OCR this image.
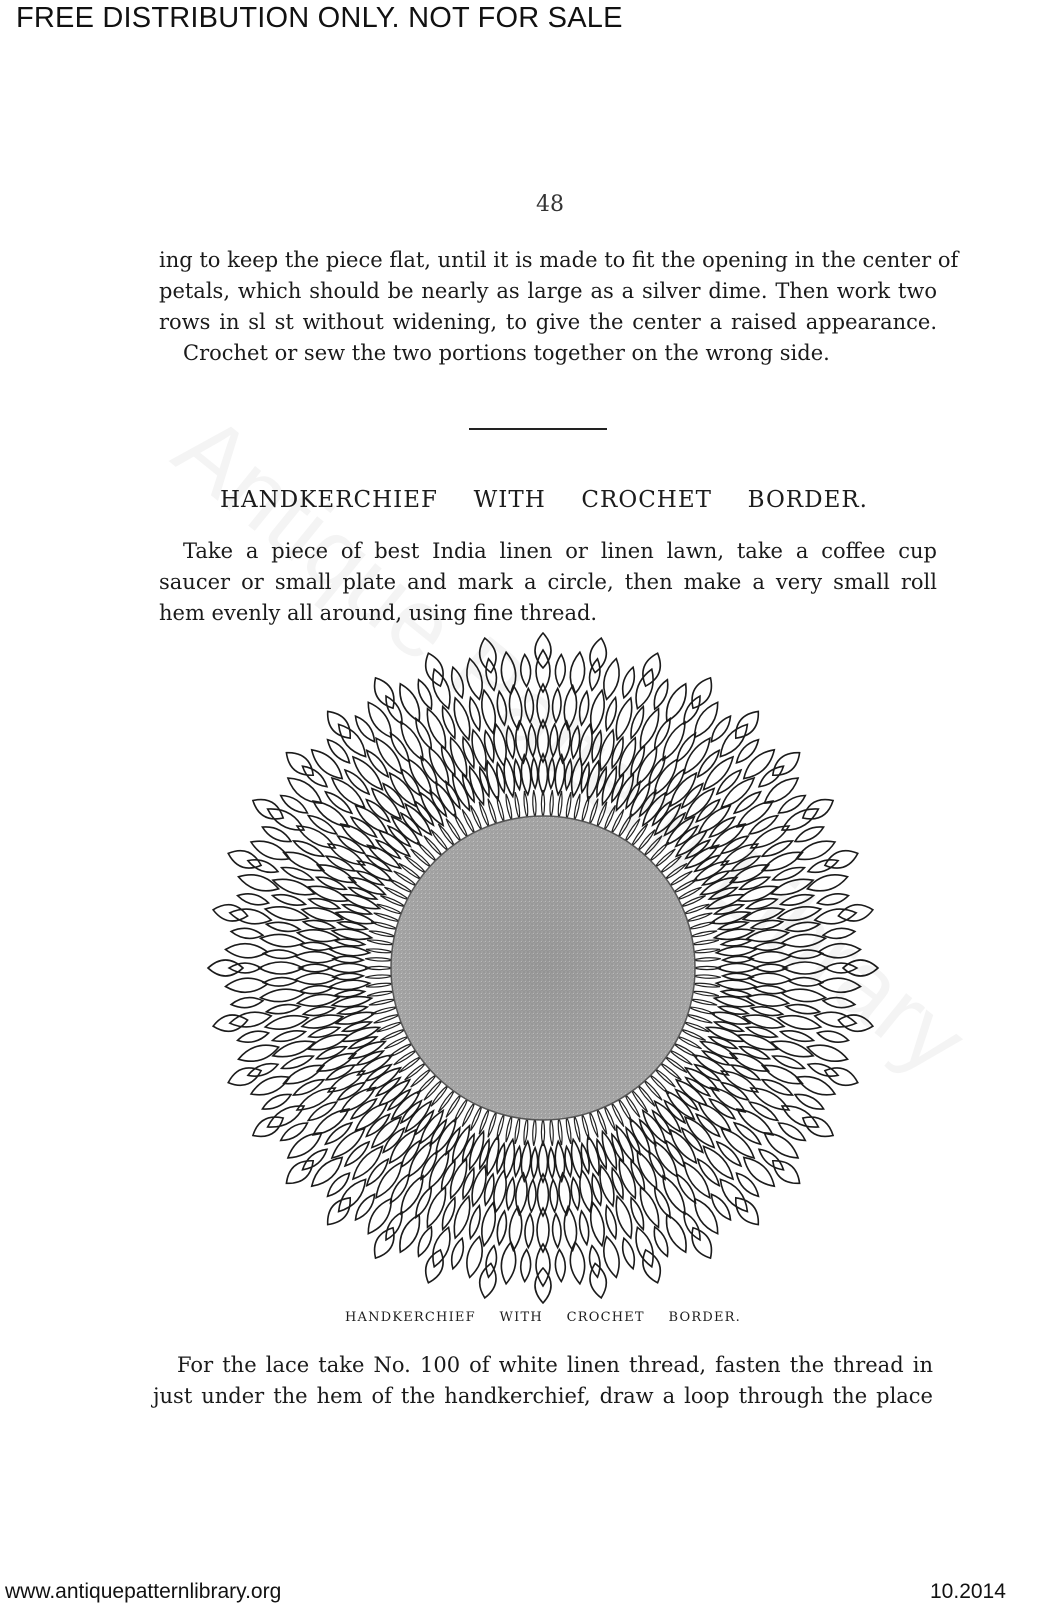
FREE DISTRIBUTION ONLY. NOT FOR SALE
48

ing to keep the piece flat, until it is made to fit the opening in the center of
petals, which should be nearly as large as a silver dime. Then work two
rows in sl st without widening, to give the center a raised appearance.
Crochet or sew the two portions together on the wrong side.

HANDKERCHIEF WITH CROCHET BORDER.

Take a piece of best India linen or linen lawn, take a coffee cup
saucer or small plate and mark a circle, then make a very small roll
hem evenly all around, using fine thread.

HANDKERCHIEF WITH CROCHET BORDER.

For the lace take No. 100 of white linen thread, fasten the thread in
just under the hem of the handkerchief, draw a loop through the place

www.antiquepatternlibrary.org	10.2014
